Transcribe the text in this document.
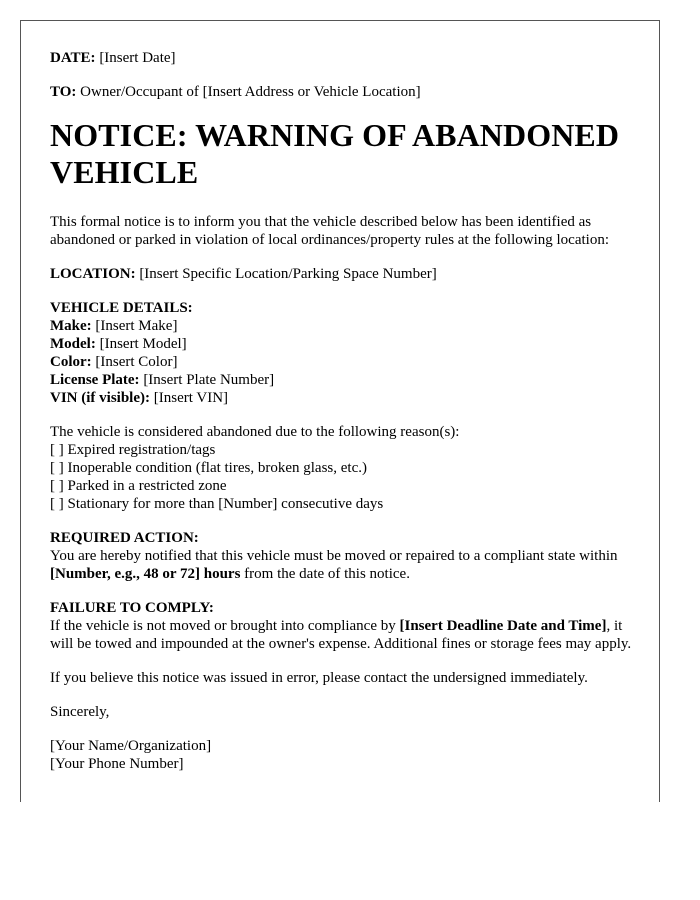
DATE: [Insert Date]

TO: Owner/Occupant of [Insert Address or Vehicle Location]

NOTICE: WARNING OF ABANDONED VEHICLE

This formal notice is to inform you that the vehicle described below has been identified as abandoned or parked in violation of local ordinances/property rules at the following location:

LOCATION: [Insert Specific Location/Parking Space Number]

VEHICLE DETAILS:
Make: [Insert Make]
Model: [Insert Model]
Color: [Insert Color]
License Plate: [Insert Plate Number]
VIN (if visible): [Insert VIN]
The vehicle is considered abandoned due to the following reason(s):
[ ] Expired registration/tags
[ ] Inoperable condition (flat tires, broken glass, etc.)
[ ] Parked in a restricted zone
[ ] Stationary for more than [Number] consecutive days
REQUIRED ACTION:
You are hereby notified that this vehicle must be moved or repaired to a compliant state within [Number, e.g., 48 or 72] hours from the date of this notice.
FAILURE TO COMPLY:
If the vehicle is not moved or brought into compliance by [Insert Deadline Date and Time], it will be towed and impounded at the owner's expense. Additional fines or storage fees may apply.

If you believe this notice was issued in error, please contact the undersigned immediately.

Sincerely,

[Your Name/Organization]
[Your Phone Number]
